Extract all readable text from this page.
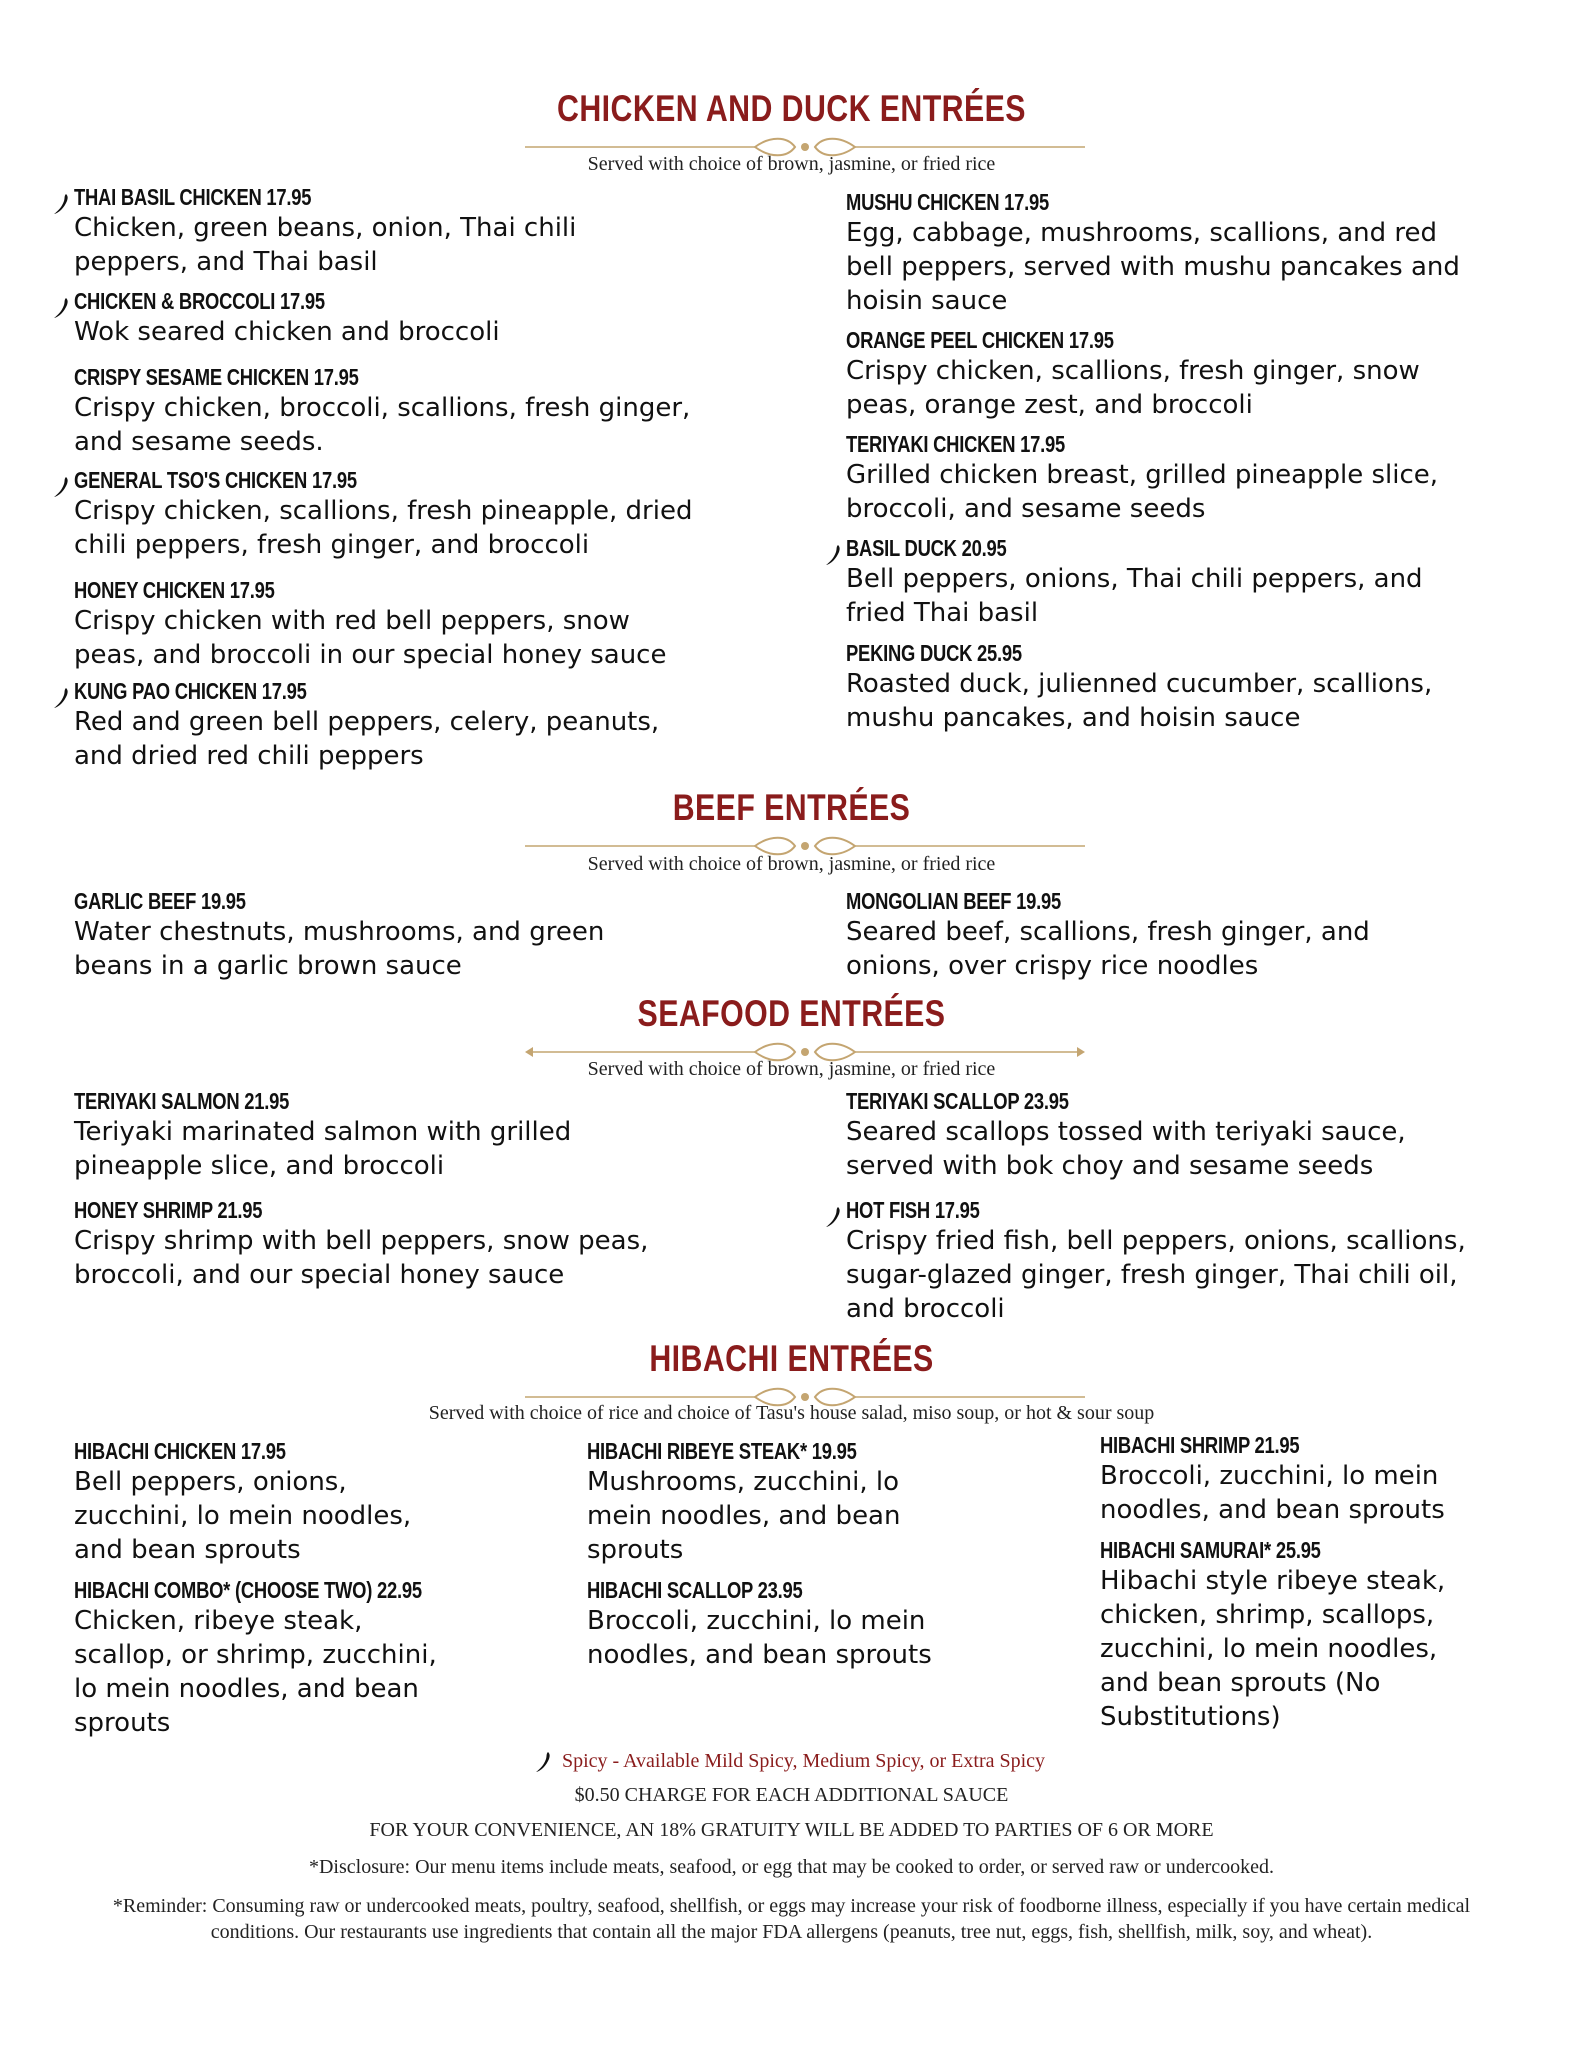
CHICKEN AND DUCK ENTRÉES
Served with choice of brown, jasmine, or fried rice
THAI BASIL CHICKEN 17.95
Chicken, green beans, onion, Thai chili
peppers, and Thai basil
CHICKEN & BROCCOLI 17.95
Wok seared chicken and broccoli
CRISPY SESAME CHICKEN 17.95
Crispy chicken, broccoli, scallions, fresh ginger,
and sesame seeds.
GENERAL TSO'S CHICKEN 17.95
Crispy chicken, scallions, fresh pineapple, dried
chili peppers, fresh ginger, and broccoli
HONEY CHICKEN 17.95
Crispy chicken with red bell peppers, snow
peas, and broccoli in our special honey sauce
KUNG PAO CHICKEN 17.95
Red and green bell peppers, celery, peanuts,
and dried red chili peppers
MUSHU CHICKEN 17.95
Egg, cabbage, mushrooms, scallions, and red
bell peppers, served with mushu pancakes and
hoisin sauce
ORANGE PEEL CHICKEN 17.95
Crispy chicken, scallions, fresh ginger, snow
peas, orange zest, and broccoli
TERIYAKI CHICKEN 17.95
Grilled chicken breast, grilled pineapple slice,
broccoli, and sesame seeds
BASIL DUCK 20.95
Bell peppers, onions, Thai chili peppers, and
fried Thai basil
PEKING DUCK 25.95
Roasted duck, julienned cucumber, scallions,
mushu pancakes, and hoisin sauce
BEEF ENTRÉES
Served with choice of brown, jasmine, or fried rice
GARLIC BEEF 19.95
Water chestnuts, mushrooms, and green
beans in a garlic brown sauce
MONGOLIAN BEEF 19.95
Seared beef, scallions, fresh ginger, and
onions, over crispy rice noodles
SEAFOOD ENTRÉES
Served with choice of brown, jasmine, or fried rice
TERIYAKI SALMON 21.95
Teriyaki marinated salmon with grilled
pineapple slice, and broccoli
HONEY SHRIMP 21.95
Crispy shrimp with bell peppers, snow peas,
broccoli, and our special honey sauce
TERIYAKI SCALLOP 23.95
Seared scallops tossed with teriyaki sauce,
served with bok choy and sesame seeds
HOT FISH 17.95
Crispy fried fish, bell peppers, onions, scallions,
sugar-glazed ginger, fresh ginger, Thai chili oil,
and broccoli
HIBACHI ENTRÉES
Served with choice of rice and choice of Tasu's house salad, miso soup, or hot & sour soup
HIBACHI CHICKEN 17.95
Bell peppers, onions,
zucchini, lo mein noodles,
and bean sprouts
HIBACHI COMBO* (CHOOSE TWO) 22.95
Chicken, ribeye steak,
scallop, or shrimp, zucchini,
lo mein noodles, and bean
sprouts
HIBACHI RIBEYE STEAK* 19.95
Mushrooms, zucchini, lo
mein noodles, and bean
sprouts
HIBACHI SCALLOP 23.95
Broccoli, zucchini, lo mein
noodles, and bean sprouts
HIBACHI SHRIMP 21.95
Broccoli, zucchini, lo mein
noodles, and bean sprouts
HIBACHI SAMURAI* 25.95
Hibachi style ribeye steak,
chicken, shrimp, scallops,
zucchini, lo mein noodles,
and bean sprouts (No
Substitutions)
Spicy - Available Mild Spicy, Medium Spicy, or Extra Spicy
$0.50 CHARGE FOR EACH ADDITIONAL SAUCE
FOR YOUR CONVENIENCE, AN 18% GRATUITY WILL BE ADDED TO PARTIES OF 6 OR MORE
*Disclosure: Our menu items include meats, seafood, or egg that may be cooked to order, or served raw or undercooked.
*Reminder: Consuming raw or undercooked meats, poultry, seafood, shellfish, or eggs may increase your risk of foodborne illness, especially if you have certain medical conditions. Our restaurants use ingredients that contain all the major FDA allergens (peanuts, tree nut, eggs, fish, shellfish, milk, soy, and wheat).
